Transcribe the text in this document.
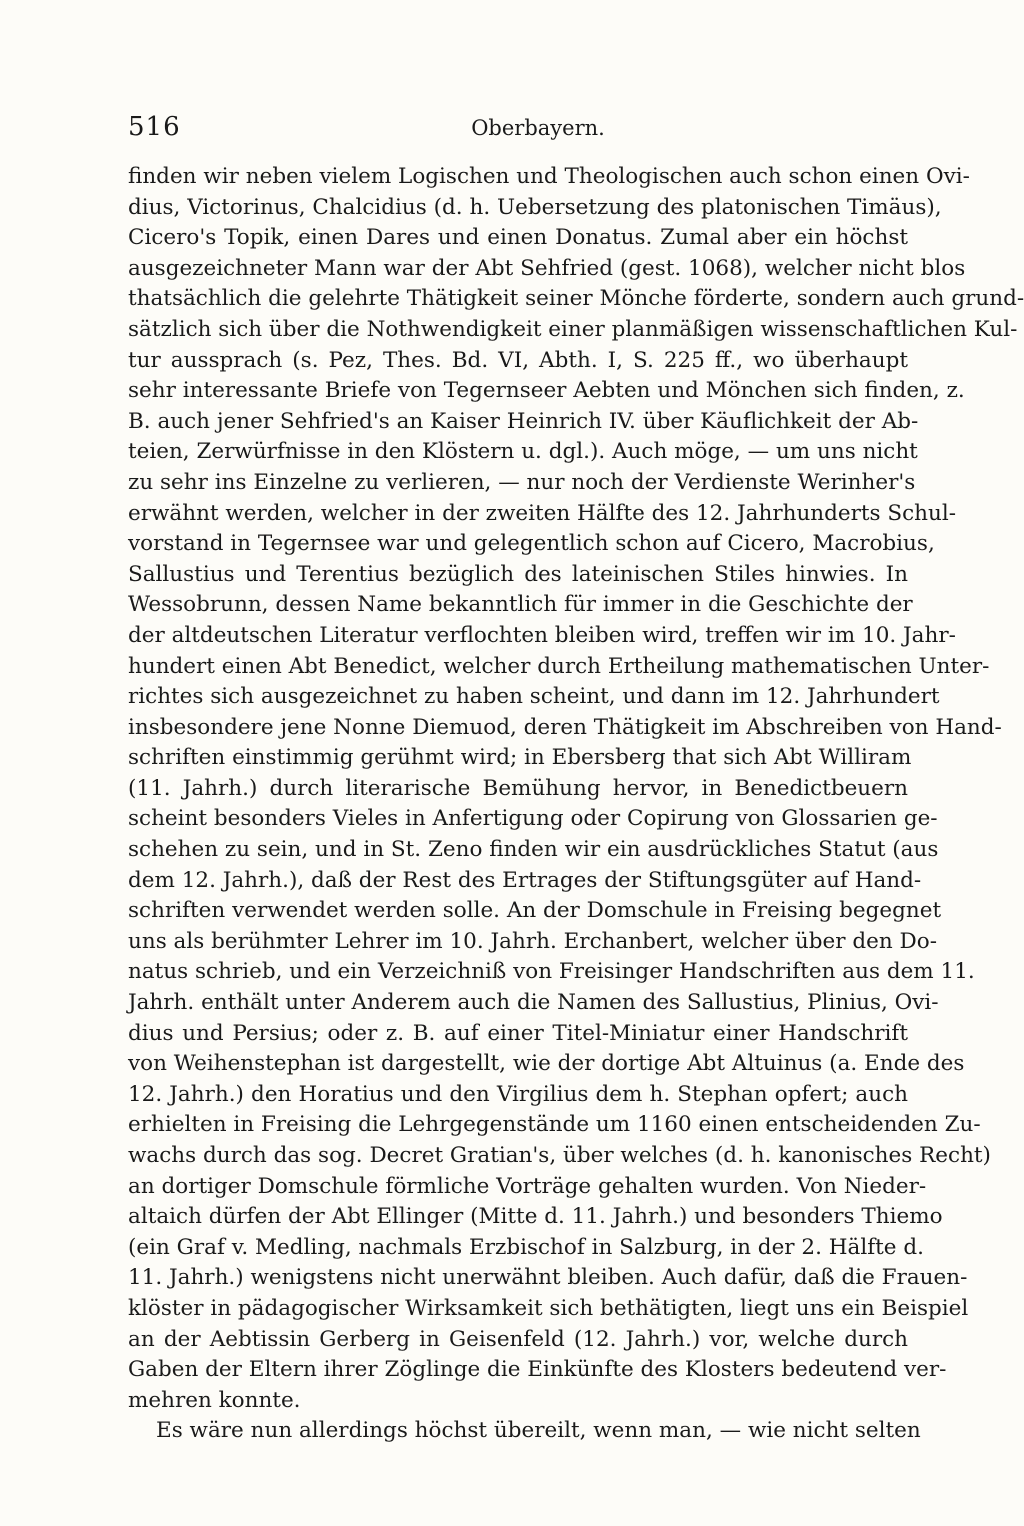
516	Oberbayern.
finden wir neben vielem Logischen und Theologischen auch schon einen Ovi-
dius, Victorinus, Chalcidius (d. h. Uebersetzung des platonischen Timäus),
Cicero's Topik, einen Dares und einen Donatus. Zumal aber ein höchst
ausgezeichneter Mann war der Abt Sehfried (gest. 1068), welcher nicht blos
thatsächlich die gelehrte Thätigkeit seiner Mönche förderte, sondern auch grund-
sätzlich sich über die Nothwendigkeit einer planmäßigen wissenschaftlichen Kul-
tur aussprach (s. Pez, Thes. Bd. VI, Abth. I, S. 225 ff., wo überhaupt
sehr interessante Briefe von Tegernseer Aebten und Mönchen sich finden, z.
B. auch jener Sehfried's an Kaiser Heinrich IV. über Käuflichkeit der Ab-
teien, Zerwürfnisse in den Klöstern u. dgl.). Auch möge, — um uns nicht
zu sehr ins Einzelne zu verlieren, — nur noch der Verdienste Werinher's
erwähnt werden, welcher in der zweiten Hälfte des 12. Jahrhunderts Schul-
vorstand in Tegernsee war und gelegentlich schon auf Cicero, Macrobius,
Sallustius und Terentius bezüglich des lateinischen Stiles hinwies. In
Wessobrunn, dessen Name bekanntlich für immer in die Geschichte der
der altdeutschen Literatur verflochten bleiben wird, treffen wir im 10. Jahr-
hundert einen Abt Benedict, welcher durch Ertheilung mathematischen Unter-
richtes sich ausgezeichnet zu haben scheint, und dann im 12. Jahrhundert
insbesondere jene Nonne Diemuod, deren Thätigkeit im Abschreiben von Hand-
schriften einstimmig gerühmt wird; in Ebersberg that sich Abt Williram
(11. Jahrh.) durch literarische Bemühung hervor, in Benedictbeuern
scheint besonders Vieles in Anfertigung oder Copirung von Glossarien ge-
schehen zu sein, und in St. Zeno finden wir ein ausdrückliches Statut (aus
dem 12. Jahrh.), daß der Rest des Ertrages der Stiftungsgüter auf Hand-
schriften verwendet werden solle. An der Domschule in Freising begegnet
uns als berühmter Lehrer im 10. Jahrh. Erchanbert, welcher über den Do-
natus schrieb, und ein Verzeichniß von Freisinger Handschriften aus dem 11.
Jahrh. enthält unter Anderem auch die Namen des Sallustius, Plinius, Ovi-
dius und Persius; oder z. B. auf einer Titel-Miniatur einer Handschrift
von Weihenstephan ist dargestellt, wie der dortige Abt Altuinus (a. Ende des
12. Jahrh.) den Horatius und den Virgilius dem h. Stephan opfert; auch
erhielten in Freising die Lehrgegenstände um 1160 einen entscheidenden Zu-
wachs durch das sog. Decret Gratian's, über welches (d. h. kanonisches Recht)
an dortiger Domschule förmliche Vorträge gehalten wurden. Von Nieder-
altaich dürfen der Abt Ellinger (Mitte d. 11. Jahrh.) und besonders Thiemo
(ein Graf v. Medling, nachmals Erzbischof in Salzburg, in der 2. Hälfte d.
11. Jahrh.) wenigstens nicht unerwähnt bleiben. Auch dafür, daß die Frauen-
klöster in pädagogischer Wirksamkeit sich bethätigten, liegt uns ein Beispiel
an der Aebtissin Gerberg in Geisenfeld (12. Jahrh.) vor, welche durch
Gaben der Eltern ihrer Zöglinge die Einkünfte des Klosters bedeutend ver-
mehren konnte.
Es wäre nun allerdings höchst übereilt, wenn man, — wie nicht selten
